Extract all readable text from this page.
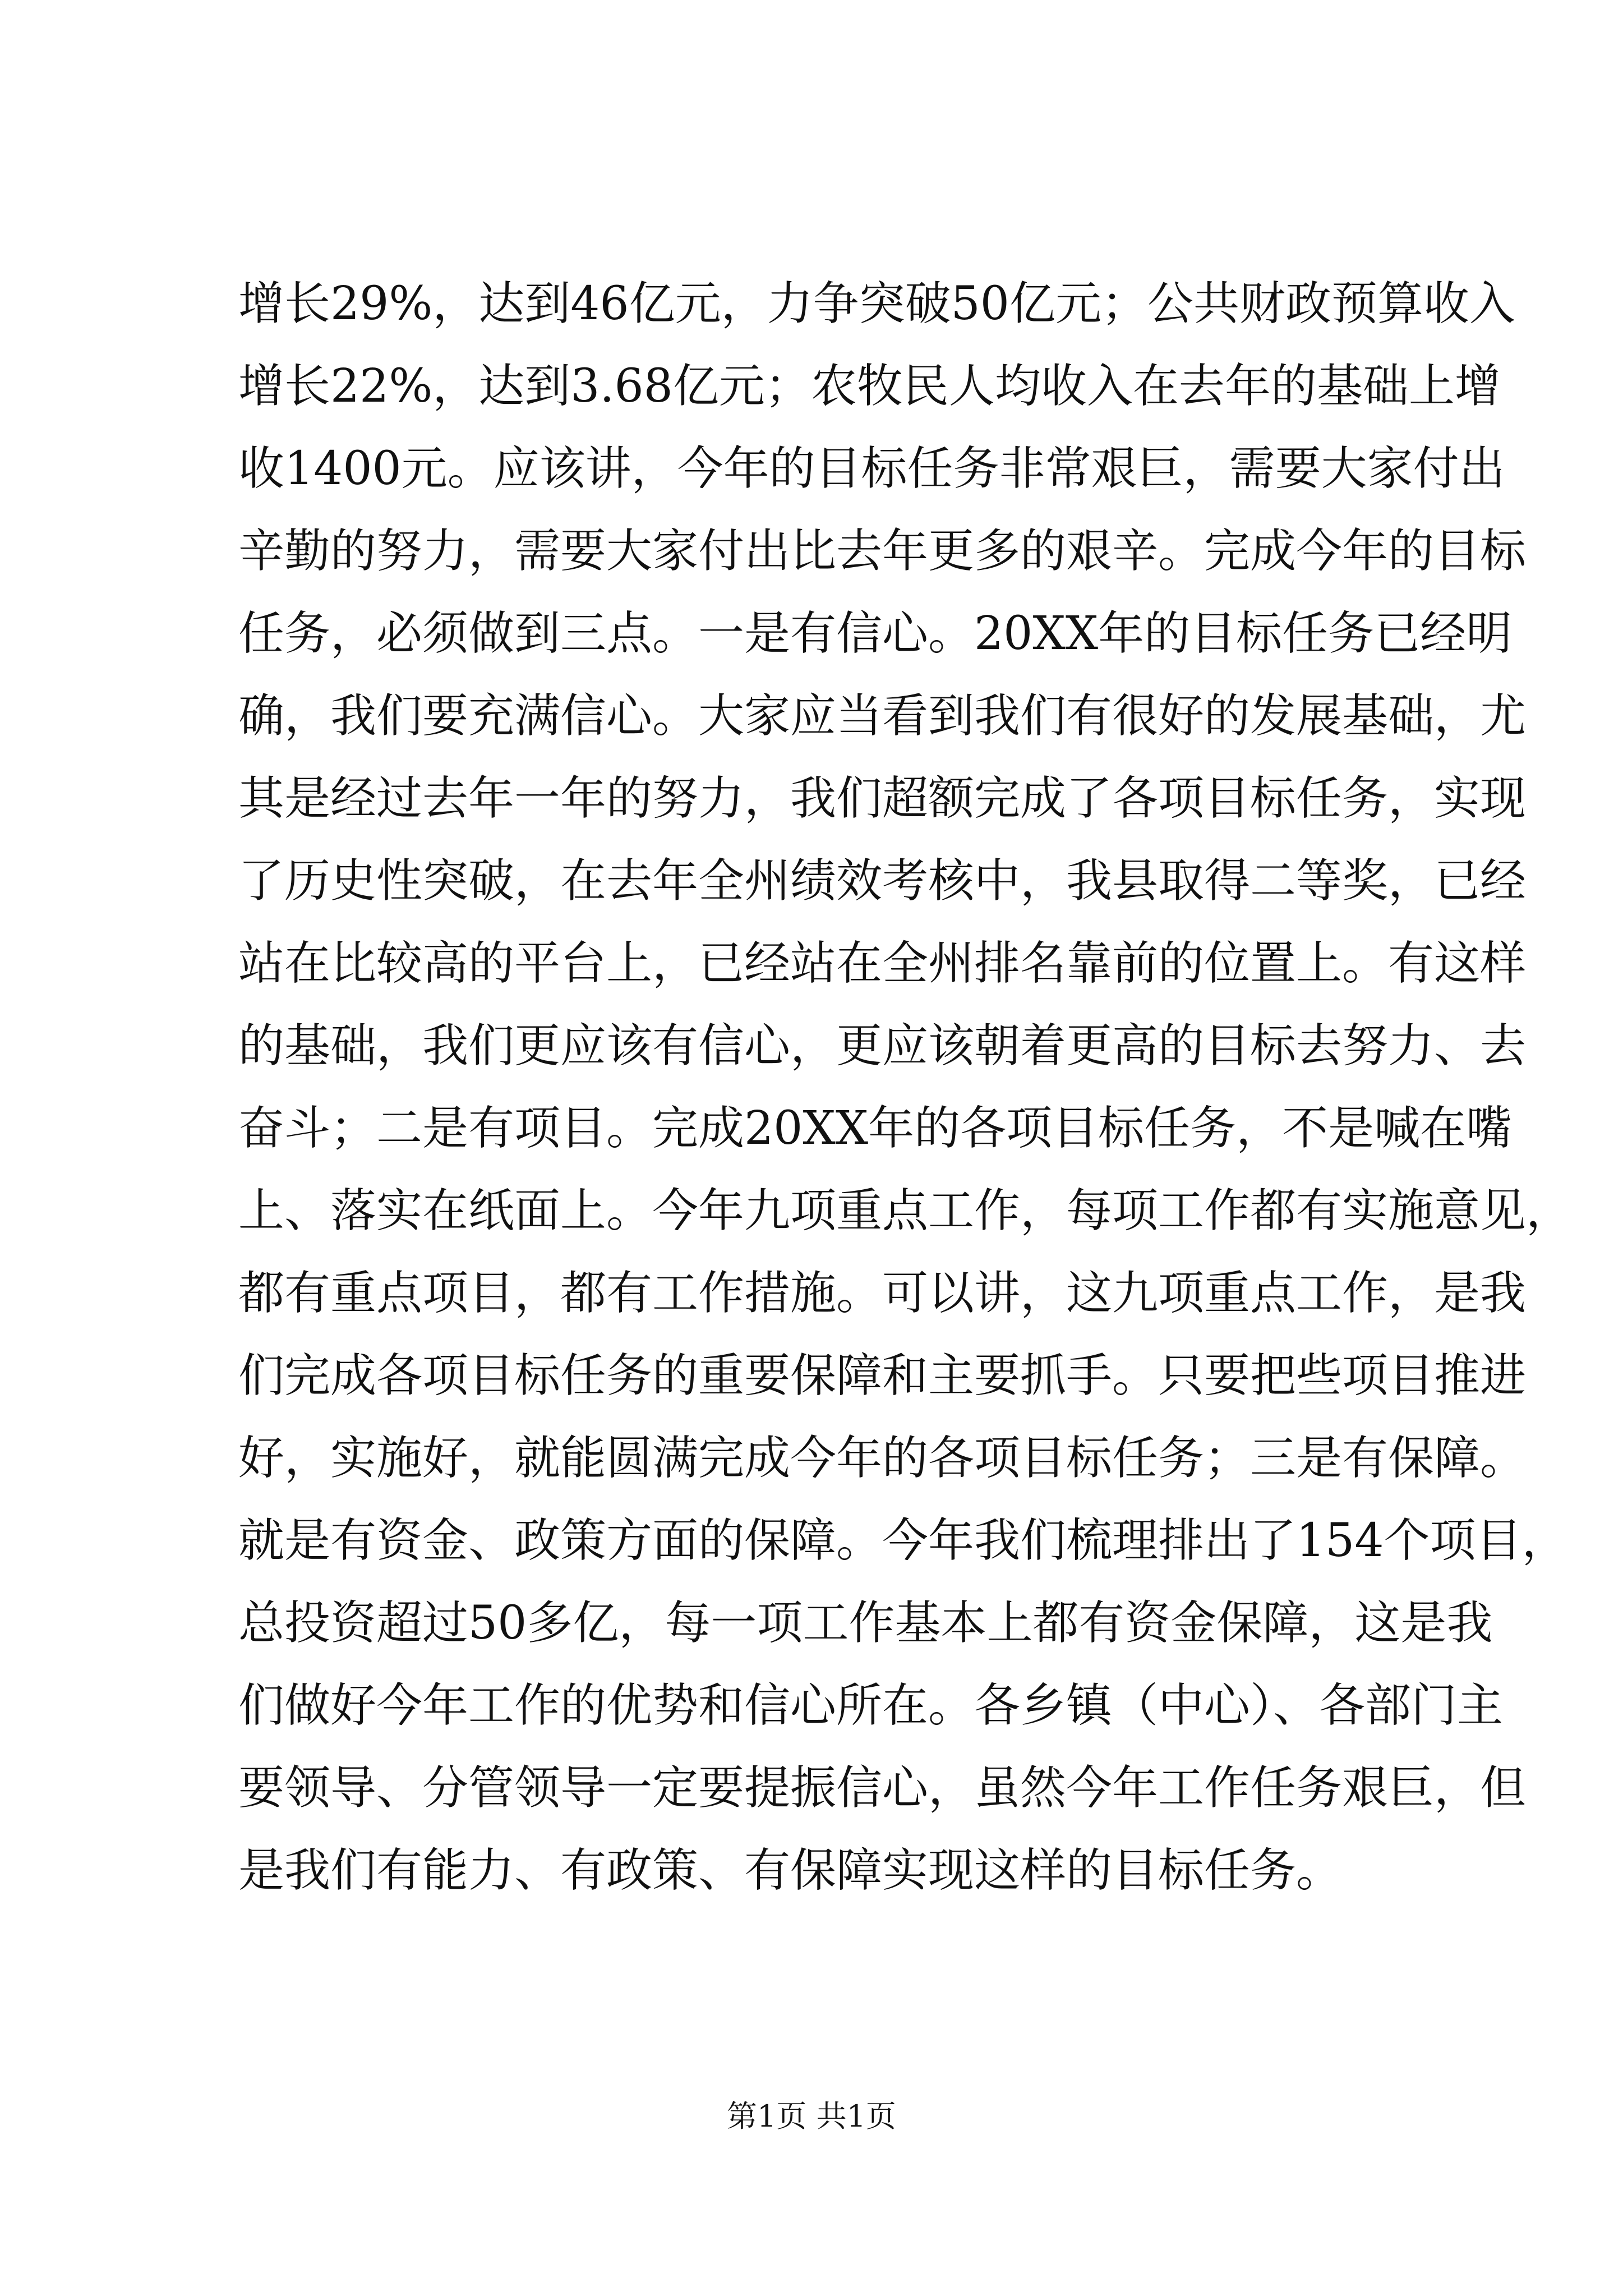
增长29%，达到46亿元，力争突破50亿元；公共财政预算收入
增长22%，达到3.68亿元；农牧民人均收入在去年的基础上增
收1400元。应该讲，今年的目标任务非常艰巨，需要大家付出
辛勤的努力，需要大家付出比去年更多的艰辛。完成今年的目标
任务，必须做到三点。一是有信心。20XX年的目标任务已经明
确，我们要充满信心。大家应当看到我们有很好的发展基础，尤
其是经过去年一年的努力，我们超额完成了各项目标任务，实现
了历史性突破，在去年全州绩效考核中，我县取得二等奖，已经
站在比较高的平台上，已经站在全州排名靠前的位置上。有这样
的基础，我们更应该有信心，更应该朝着更高的目标去努力、去
奋斗；二是有项目。完成20XX年的各项目标任务，不是喊在嘴
上、落实在纸面上。今年九项重点工作，每项工作都有实施意见，
都有重点项目，都有工作措施。可以讲，这九项重点工作，是我
们完成各项目标任务的重要保障和主要抓手。只要把些项目推进
好，实施好，就能圆满完成今年的各项目标任务；三是有保障。
就是有资金、政策方面的保障。今年我们梳理排出了154个项目，
总投资超过50多亿，每一项工作基本上都有资金保障，这是我
们做好今年工作的优势和信心所在。各乡镇（中心）、各部门主
要领导、分管领导一定要提振信心，虽然今年工作任务艰巨，但
是我们有能力、有政策、有保障实现这样的目标任务。
第1页 共1页
